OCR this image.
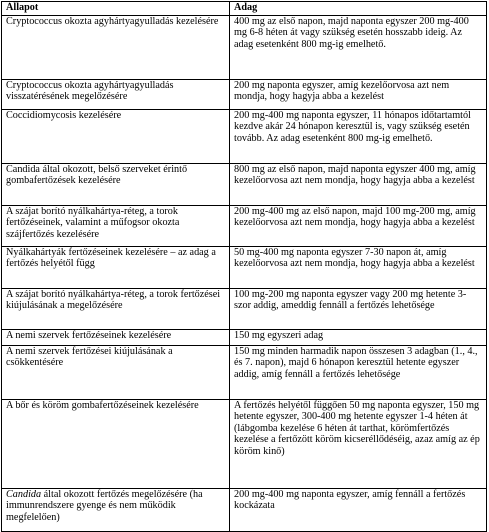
Állapot	Adag
Cryptococcus okozta agyhártyagyulladás kezelésére	400 mg az első napon, majd naponta egyszer 200 mg-400 mg 6-8 héten át vagy szükség esetén hosszabb ideig. Az adag esetenként 800 mg-ig emelhető.
Cryptococcus okozta agyhártyagyulladás visszatérésének megelőzésére	200 mg naponta egyszer, amíg kezelőorvosa azt nem mondja, hogy hagyja abba a kezelést
Coccidiomycosis kezelésére	200 mg-400 mg naponta egyszer, 11 hónapos időtartamtól kezdve akár 24 hónapon keresztül is, vagy szükség esetén tovább. Az adag esetenként 800 mg-ig emelhető.
Candida által okozott, belső szerveket érintő gombafertőzések kezelésére	800 mg az első napon, majd naponta egyszer 400 mg, amíg kezelőorvosa azt nem mondja, hogy hagyja abba a kezelést
A szájat borító nyálkahártya-réteg, a torok fertőzéseinek, valamint a műfogsor okozta szájfertőzés kezelésére	200 mg-400 mg az első napon, majd 100 mg-200 mg, amíg kezelőorvosa azt nem mondja, hogy hagyja abba a kezelést
Nyálkahártyák fertőzéseinek kezelésére – az adag a fertőzés helyétől függ	50 mg-400 mg naponta egyszer 7-30 napon át, amíg kezelőorvosa azt nem mondja, hogy hagyja abba a kezelést
A szájat borító nyálkahártya-réteg, a torok fertőzései kiújulásának a megelőzésére	100 mg-200 mg naponta egyszer vagy 200 mg hetente 3-szor addig, ameddig fennáll a fertőzés lehetősége
A nemi szervek fertőzéseinek kezelésére	150 mg egyszeri adag
A nemi szervek fertőzései kiújulásának a csökkentésére	150 mg minden harmadik napon összesen 3 adagban (1., 4., és 7. napon), majd 6 hónapon keresztül hetente egyszer addig, amíg fennáll a fertőzés lehetősége
A bőr és köröm gombafertőzéseinek kezelésére	A fertőzés helyétől függően 50 mg naponta egyszer, 150 mg hetente egyszer, 300-400 mg hetente egyszer 1-4 héten át (lábgomba kezelése 6 héten át tarthat, körömfertőzés kezelése a fertőzött köröm kicseréllődéséig, azaz amíg az ép köröm kinő)
Candida által okozott fertőzés megelőzésére (ha immunrendszere gyenge és nem működik megfelelően)	200 mg-400 mg naponta egyszer, amíg fennáll a fertőzés kockázata
